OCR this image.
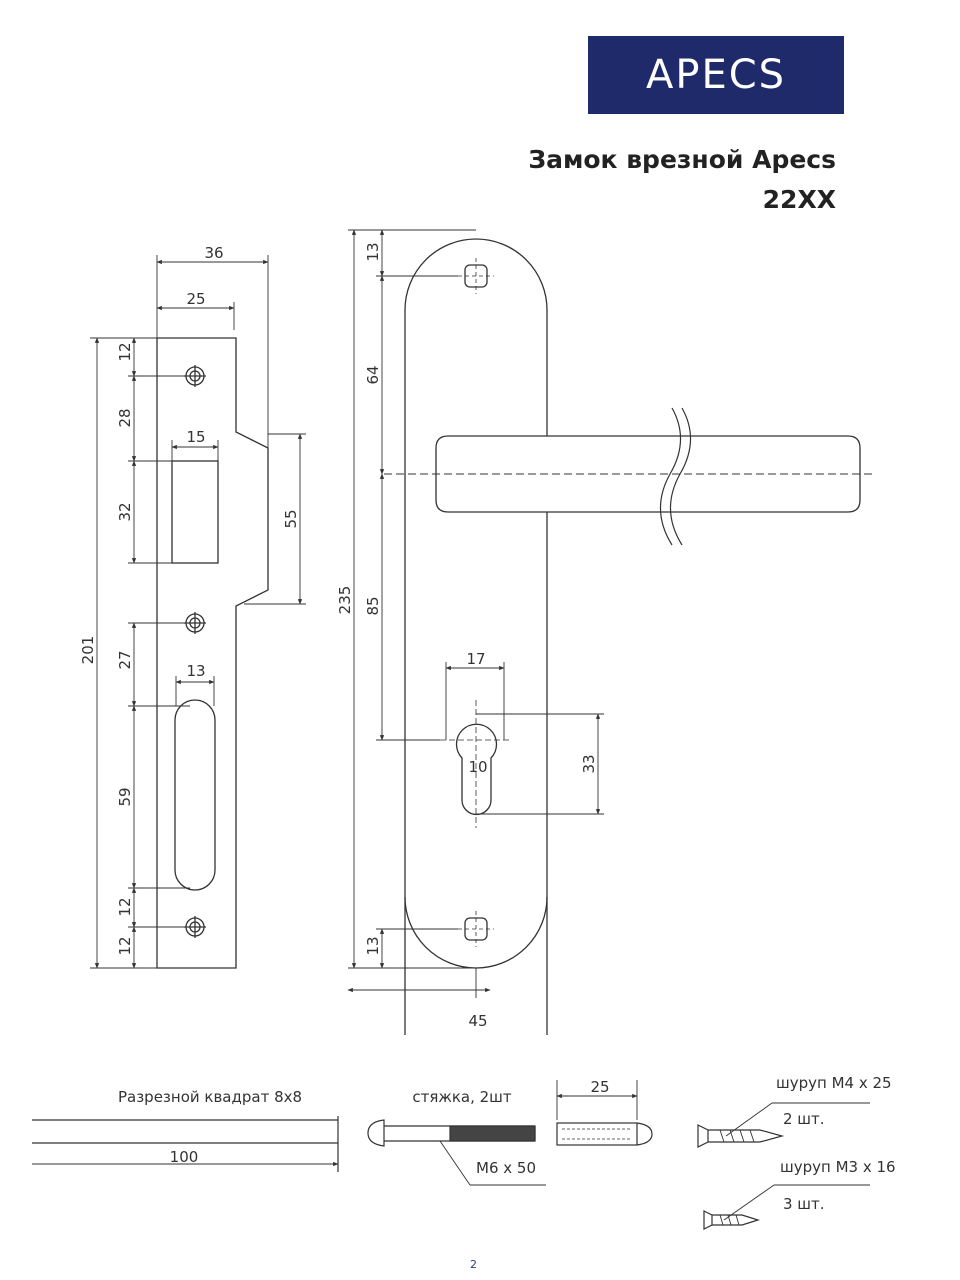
APECS
Замок врезной Apecs
22XX
36
25
15
13
55
201
12
28
32
27
59
12
12
235
13
64
85
13
17
10	33
45
Разрезной квадрат 8х8
100
стяжка, 2шт
М6 х 50
25	шуруп М4 х 25
2 шт.
шуруп М3 х 16
3 шт.
2
